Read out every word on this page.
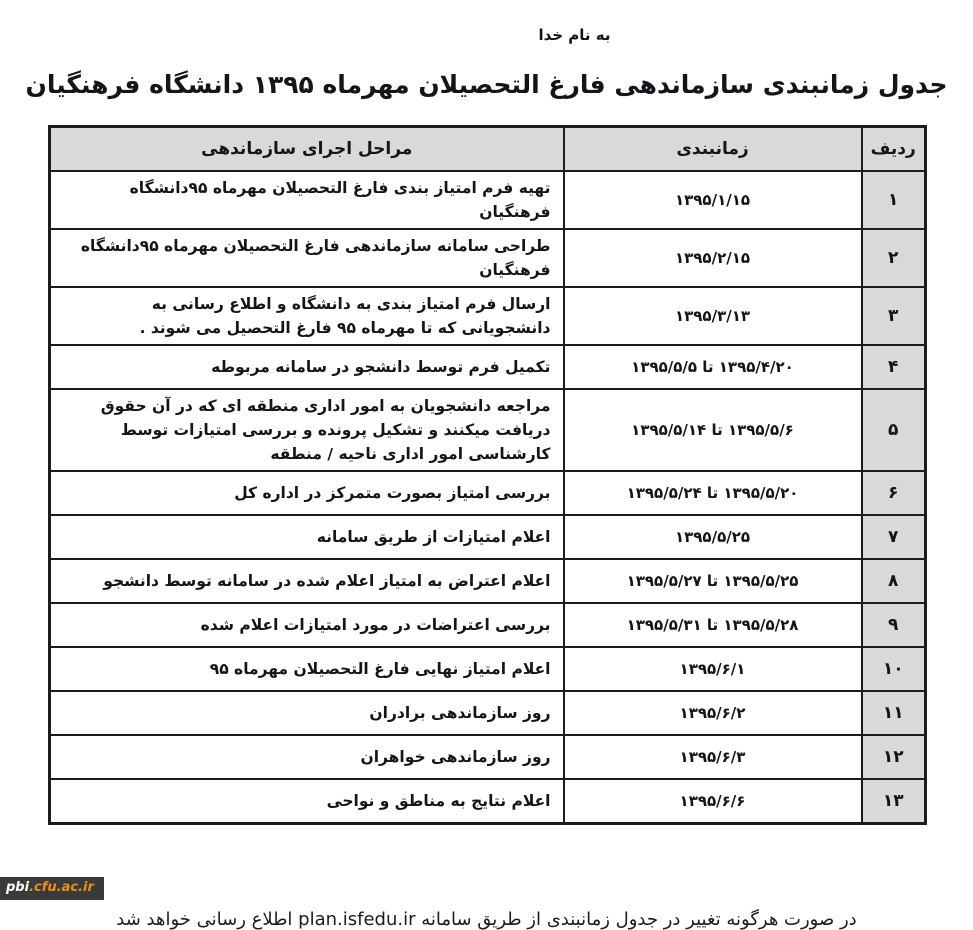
به نام خدا
جدول زمانبندی سازماندهی فارغ التحصیلان مهرماه ۱۳۹۵ دانشگاه فرهنگیان
ردیف	زمانبندی	مراحل اجرای سازماندهی
۱	۱۳۹۵/۱/۱۵	تهیه فرم امتیاز بندی فارغ التحصیلان مهرماه ۹۵دانشگاه فرهنگیان
۲	۱۳۹۵/۲/۱۵	طراحی سامانه سازماندهی فارغ التحصیلان مهرماه ۹۵دانشگاه فرهنگیان
۳	۱۳۹۵/۳/۱۳	ارسال فرم امتیاز بندی به دانشگاه و اطلاع رسانی به دانشجویانی که تا مهرماه ۹۵ فارغ التحصیل می شوند .
۴	۱۳۹۵/۴/۲۰ تا ۱۳۹۵/۵/۵	تکمیل فرم توسط دانشجو در سامانه مربوطه
۵	۱۳۹۵/۵/۶ تا ۱۳۹۵/۵/۱۴	مراجعه دانشجویان به امور اداری منطقه ای که در آن حقوق دریافت میکنند و تشکیل پرونده و بررسی امتیازات توسط کارشناسی امور اداری ناحیه / منطقه
۶	۱۳۹۵/۵/۲۰ تا ۱۳۹۵/۵/۲۴	بررسی امتیاز بصورت متمرکز در اداره کل
۷	۱۳۹۵/۵/۲۵	اعلام امتیازات از طریق سامانه
۸	۱۳۹۵/۵/۲۵ تا ۱۳۹۵/۵/۲۷	اعلام اعتراض به امتیاز اعلام شده در سامانه توسط دانشجو
۹	۱۳۹۵/۵/۲۸ تا ۱۳۹۵/۵/۳۱	بررسی اعتراضات در مورد امتیازات اعلام شده
۱۰	۱۳۹۵/۶/۱	اعلام امتیاز نهایی فارغ التحصیلان مهرماه ۹۵
۱۱	۱۳۹۵/۶/۲	روز سازماندهی برادران
۱۲	۱۳۹۵/۶/۳	روز سازماندهی خواهران
۱۳	۱۳۹۵/۶/۶	اعلام نتایج به مناطق و نواحی
در صورت هرگونه تغییر در جدول زمانبندی از طریق سامانه plan.isfedu.ir اطلاع رسانی خواهد شد
pbi.cfu.ac.ir
